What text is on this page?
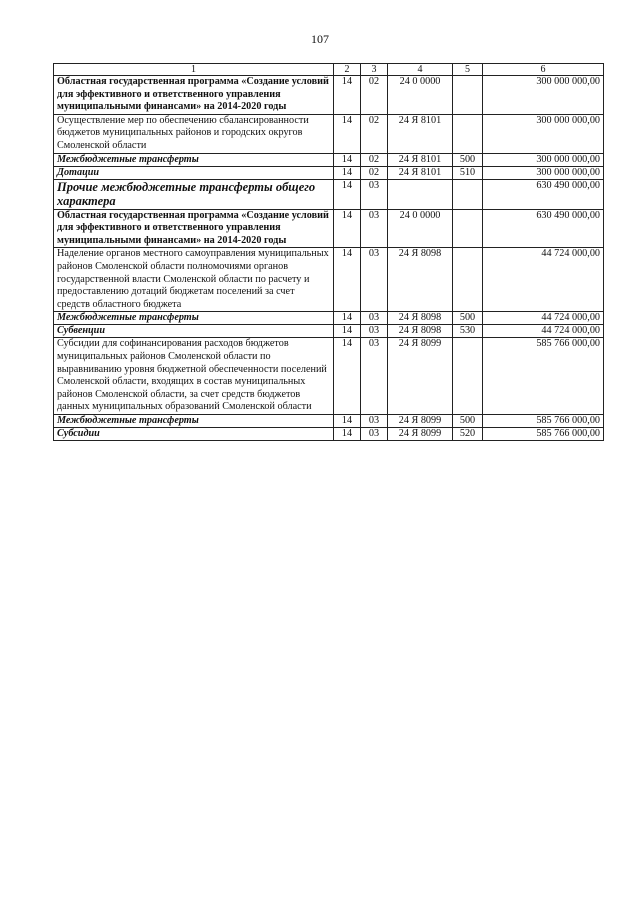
107
1	2	3	4	5	6
Областная государственная программа «Создание условий для эффективного и ответственного управления муниципальными финансами» на 2014-2020 годы	14	02	24 0 0000		300 000 000,00
Осуществление мер по обеспечению сбалансированности бюджетов муниципальных районов и городских округов Смоленской области	14	02	24 Я 8101		300 000 000,00
Межбюджетные трансферты	14	02	24 Я 8101	500	300 000 000,00
Дотации	14	02	24 Я 8101	510	300 000 000,00
Прочие межбюджетные трансферты общего характера	14	03			630 490 000,00
Областная государственная программа «Создание условий для эффективного и ответственного управления муниципальными финансами» на 2014-2020 годы	14	03	24 0 0000		630 490 000,00
Наделение органов местного самоуправления муниципальных районов Смоленской области полномочиями органов государственной власти Смоленской области по расчету и предоставлению дотаций бюджетам поселений за счет средств областного бюджета	14	03	24 Я 8098		44 724 000,00
Межбюджетные трансферты	14	03	24 Я 8098	500	44 724 000,00
Субвенции	14	03	24 Я 8098	530	44 724 000,00
Субсидии для софинансирования расходов бюджетов муниципальных районов Смоленской области по выравниванию уровня бюджетной обеспеченности поселений Смоленской области, входящих в состав муниципальных районов Смоленской области, за счет средств бюджетов данных муниципальных образований Смоленской области	14	03	24 Я 8099		585 766 000,00
Межбюджетные трансферты	14	03	24 Я 8099	500	585 766 000,00
Субсидии	14	03	24 Я 8099	520	585 766 000,00
